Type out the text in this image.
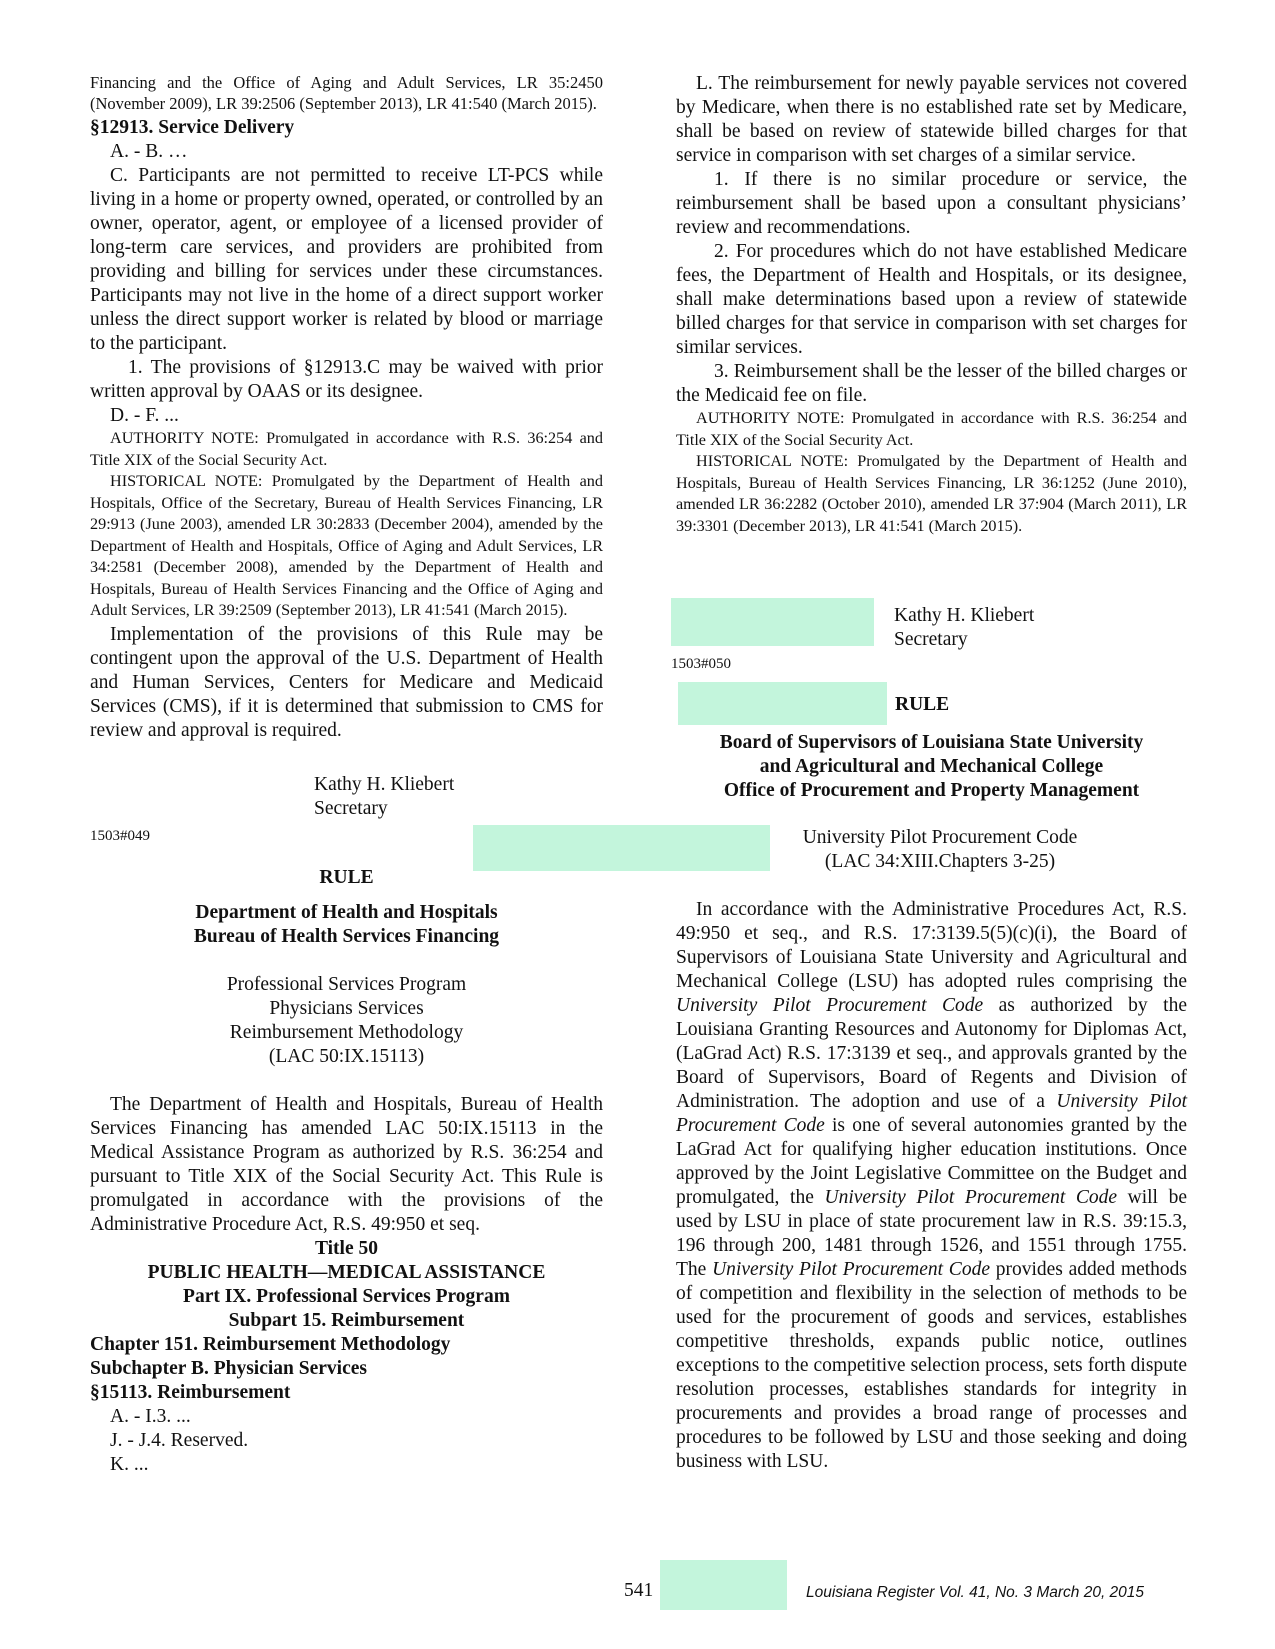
Financing and the Office of Aging and Adult Services, LR 35:2450 (November 2009), LR 39:2506 (September 2013), LR 41:540 (March 2015).

§12913. Service Delivery

A. - B. …

C. Participants are not permitted to receive LT-PCS while living in a home or property owned, operated, or controlled by an owner, operator, agent, or employee of a licensed provider of long-term care services, and providers are prohibited from providing and billing for services under these circumstances. Participants may not live in the home of a direct support worker unless the direct support worker is related by blood or marriage to the participant.

1. The provisions of §12913.C may be waived with prior written approval by OAAS or its designee.

D. - F. ...

AUTHORITY NOTE: Promulgated in accordance with R.S. 36:254 and Title XIX of the Social Security Act.

HISTORICAL NOTE: Promulgated by the Department of Health and Hospitals, Office of the Secretary, Bureau of Health Services Financing, LR 29:913 (June 2003), amended LR 30:2833 (December 2004), amended by the Department of Health and Hospitals, Office of Aging and Adult Services, LR 34:2581 (December 2008), amended by the Department of Health and Hospitals, Bureau of Health Services Financing and the Office of Aging and Adult Services, LR 39:2509 (September 2013), LR 41:541 (March 2015).

Implementation of the provisions of this Rule may be contingent upon the approval of the U.S. Department of Health and Human Services, Centers for Medicare and Medicaid Services (CMS), if it is determined that submission to CMS for review and approval is required.

Kathy H. Kliebert

Secretary

1503#049

RULE

Department of Health and Hospitals

Bureau of Health Services Financing

Professional Services Program

Physicians Services

Reimbursement Methodology

(LAC 50:IX.15113)

The Department of Health and Hospitals, Bureau of Health Services Financing has amended LAC 50:IX.15113 in the Medical Assistance Program as authorized by R.S. 36:254 and pursuant to Title XIX of the Social Security Act. This Rule is promulgated in accordance with the provisions of the Administrative Procedure Act, R.S. 49:950 et seq.

Title 50

PUBLIC HEALTH—MEDICAL ASSISTANCE

Part IX. Professional Services Program

Subpart 15. Reimbursement

Chapter 151. Reimbursement Methodology

Subchapter B. Physician Services

§15113. Reimbursement

A. - I.3. ...

J. - J.4. Reserved.

K. ...

L. The reimbursement for newly payable services not covered by Medicare, when there is no established rate set by Medicare, shall be based on review of statewide billed charges for that service in comparison with set charges of a similar service.

1. If there is no similar procedure or service, the reimbursement shall be based upon a consultant physicians’ review and recommendations.

2. For procedures which do not have established Medicare fees, the Department of Health and Hospitals, or its designee, shall make determinations based upon a review of statewide billed charges for that service in comparison with set charges for similar services.

3. Reimbursement shall be the lesser of the billed charges or the Medicaid fee on file.

AUTHORITY NOTE: Promulgated in accordance with R.S. 36:254 and Title XIX of the Social Security Act.

HISTORICAL NOTE: Promulgated by the Department of Health and Hospitals, Bureau of Health Services Financing, LR 36:1252 (June 2010), amended LR 36:2282 (October 2010), amended LR 37:904 (March 2011), LR 39:3301 (December 2013), LR 41:541 (March 2015).

Kathy H. Kliebert

Secretary

1503#050

RULE

Board of Supervisors of Louisiana State University

and Agricultural and Mechanical College

Office of Procurement and Property Management

University Pilot Procurement Code

(LAC 34:XIII.Chapters 3-25)

In accordance with the Administrative Procedures Act, R.S. 49:950 et seq., and R.S. 17:3139.5(5)(c)(i), the Board of Supervisors of Louisiana State University and Agricultural and Mechanical College (LSU) has adopted rules comprising the University Pilot Procurement Code as authorized by the Louisiana Granting Resources and Autonomy for Diplomas Act, (LaGrad Act) R.S. 17:3139 et seq., and approvals granted by the Board of Supervisors, Board of Regents and Division of Administration. The adoption and use of a University Pilot Procurement Code is one of several autonomies granted by the LaGrad Act for qualifying higher education institutions. Once approved by the Joint Legislative Committee on the Budget and promulgated, the University Pilot Procurement Code will be used by LSU in place of state procurement law in R.S. 39:15.3, 196 through 200, 1481 through 1526, and 1551 through 1755. The University Pilot Procurement Code provides added methods of competition and flexibility in the selection of methods to be used for the procurement of goods and services, establishes competitive thresholds, expands public notice, outlines exceptions to the competitive selection process, sets forth dispute resolution processes, establishes standards for integrity in procurements and provides a broad range of processes and procedures to be followed by LSU and those seeking and doing business with LSU.

541	Louisiana Register Vol. 41, No. 3 March 20, 2015
